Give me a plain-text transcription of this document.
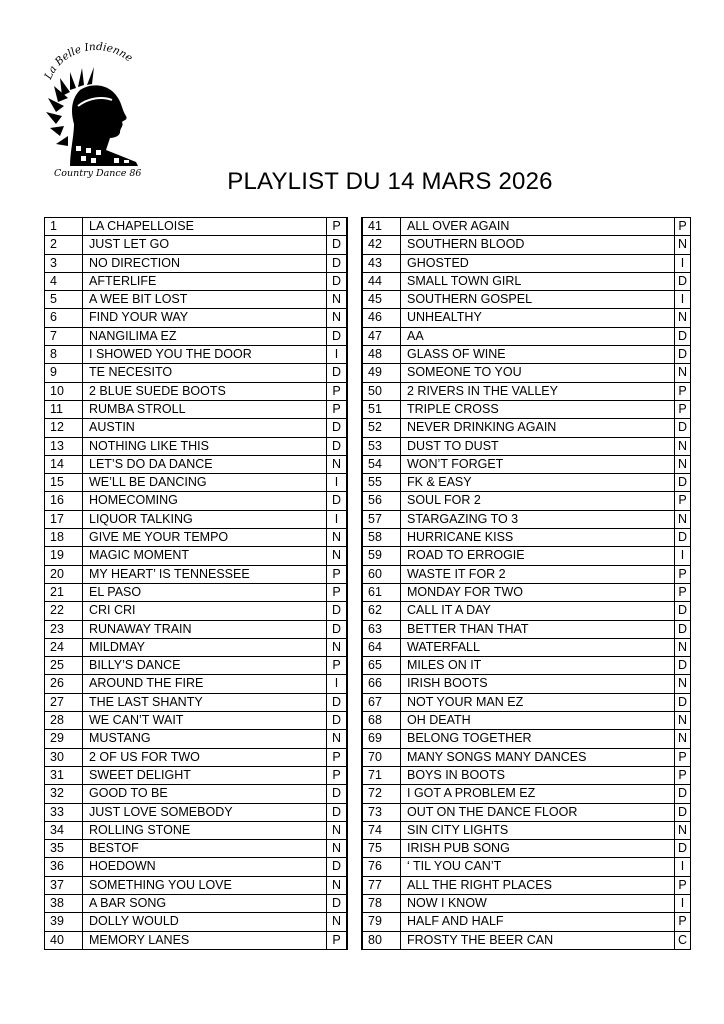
La Belle Indienne
Country Dance 86	PLAYLIST DU 14 MARS 2026
1	LA CHAPELLOISE	P
2	JUST LET GO	D
3	NO DIRECTION	D
4	AFTERLIFE	D
5	A WEE BIT LOST	N
6	FIND YOUR WAY	N
7	NANGILIMA EZ	D
8	I SHOWED YOU THE DOOR	I
9	TE NECESITO	D
10	2 BLUE SUEDE BOOTS	P
11	RUMBA STROLL	P
12	AUSTIN	D
13	NOTHING LIKE THIS	D
14	LET’S DO DA DANCE	N
15	WE’LL BE DANCING	I
16	HOMECOMING	D
17	LIQUOR TALKING	I
18	GIVE ME YOUR TEMPO	N
19	MAGIC MOMENT	N
20	MY HEART’ IS TENNESSEE	P
21	EL PASO	P
22	CRI CRI	D
23	RUNAWAY TRAIN	D
24	MILDMAY	N
25	BILLY’S DANCE	P
26	AROUND THE FIRE	I
27	THE LAST SHANTY	D
28	WE CAN’T WAIT	D
29	MUSTANG	N
30	2 OF US FOR TWO	P
31	SWEET DELIGHT	P
32	GOOD TO BE	D
33	JUST LOVE SOMEBODY	D
34	ROLLING STONE	N
35	BESTOF	N
36	HOEDOWN	D
37	SOMETHING YOU LOVE	N
38	A BAR SONG	D
39	DOLLY WOULD	N
40	MEMORY LANES	P
41	ALL OVER AGAIN	P
42	SOUTHERN BLOOD	N
43	GHOSTED	I
44	SMALL TOWN GIRL	D
45	SOUTHERN GOSPEL	I
46	UNHEALTHY	N
47	AA	D
48	GLASS OF WINE	D
49	SOMEONE TO YOU	N
50	2 RIVERS IN THE VALLEY	P
51	TRIPLE CROSS	P
52	NEVER DRINKING AGAIN	D
53	DUST TO DUST	N
54	WON’T FORGET	N
55	FK & EASY	D
56	SOUL FOR 2	P
57	STARGAZING TO 3	N
58	HURRICANE KISS	D
59	ROAD TO ERROGIE	I
60	WASTE IT FOR 2	P
61	MONDAY FOR TWO	P
62	CALL IT A DAY	D
63	BETTER THAN THAT	D
64	WATERFALL	N
65	MILES ON IT	D
66	IRISH BOOTS	N
67	NOT YOUR MAN EZ	D
68	OH DEATH	N
69	BELONG TOGETHER	N
70	MANY SONGS MANY DANCES	P
71	BOYS IN BOOTS	P
72	I GOT A PROBLEM EZ	D
73	OUT ON THE DANCE FLOOR	D
74	SIN CITY LIGHTS	N
75	IRISH PUB SONG	D
76	‘ TIL YOU CAN’T	I
77	ALL THE RIGHT PLACES	P
78	NOW I KNOW	I
79	HALF AND HALF	P
80	FROSTY THE BEER CAN	C
